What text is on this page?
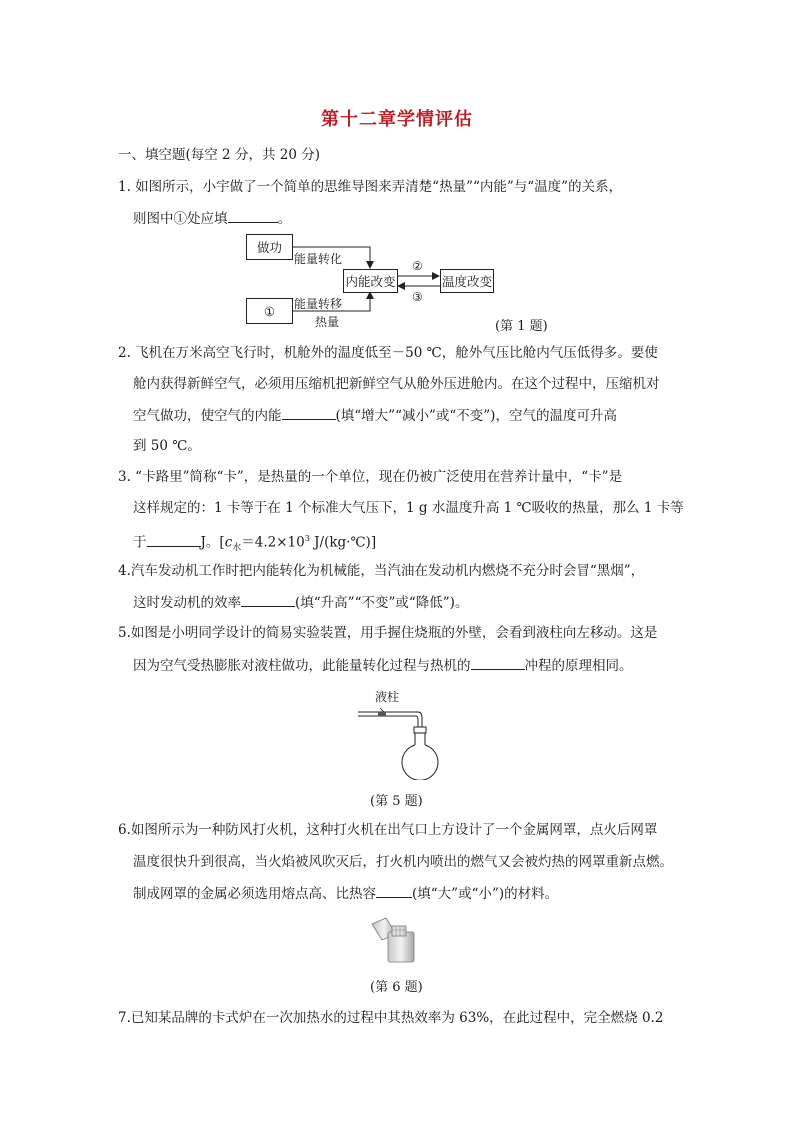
第十二章学情评估
一、填空题(每空 2 分，共 20 分)
1. 如图所示，小宇做了一个简单的思维导图来弄清楚“热量”“内能”与“温度”的关系，
则图中①处应填	。
做功
①
内能改变	温度改变
能量转化
能量转移
热量
②
③
(第 1 题)
2. 飞机在万米高空飞行时，机舱外的温度低至－50 ℃，舱外气压比舱内气压低得多。要使
舱内获得新鲜空气，必须用压缩机把新鲜空气从舱外压进舱内。在这个过程中，压缩机对
空气做功，使空气的内能	(填“增大”“减小”或“不变”)，空气的温度可升高
到 50 ℃。
3. “卡路里”简称“卡”，是热量的一个单位，现在仍被广泛使用在营养计量中，“卡”是
这样规定的：1 卡等于在 1 个标准大气压下，1 g 水温度升高 1 ℃吸收的热量，那么 1 卡等
于	J。[$c_水=4.2\times 10^3$ J/(kg·℃)]
4.汽车发动机工作时把内能转化为机械能，当汽油在发动机内燃烧不充分时会冒“黑烟”，
这时发动机的效率	(填“升高”“不变”或“降低”)。
5.如图是小明同学设计的简易实验装置，用手握住烧瓶的外壁，会看到液柱向左移动。这是
因为空气受热膨胀对液柱做功，此能量转化过程与热机的	冲程的原理相同。
液柱
(第 5 题)
6.如图所示为一种防风打火机，这种打火机在出气口上方设计了一个金属网罩，点火后网罩
温度很快升到很高，当火焰被风吹灭后，打火机内喷出的燃气又会被灼热的网罩重新点燃。
制成网罩的金属必须选用熔点高、比热容	(填“大”或“小”)的材料。
(第 6 题)
7.已知某品牌的卡式炉在一次加热水的过程中其热效率为 63%，在此过程中，完全燃烧 0.2
